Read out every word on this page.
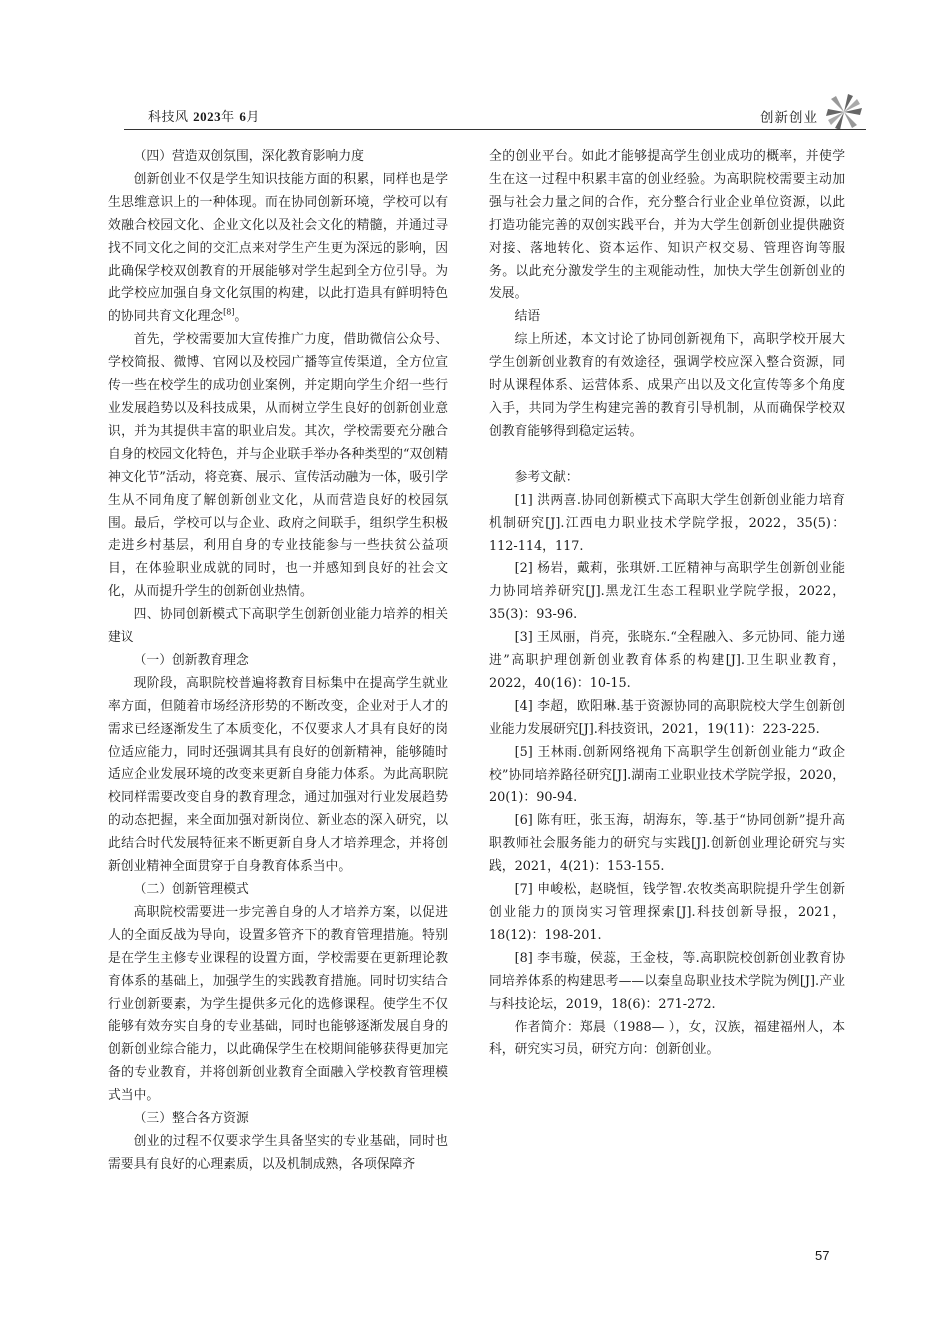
科技风 2023年 6月	创新创业

（四）营造双创氛围，深化教育影响力度

创新创业不仅是学生知识技能方面的积累，同样也是学生思维意识上的一种体现。而在协同创新环境，学校可以有效融合校园文化、企业文化以及社会文化的精髓，并通过寻找不同文化之间的交汇点来对学生产生更为深远的影响，因此确保学校双创教育的开展能够对学生起到全方位引导。为此学校应加强自身文化氛围的构建，以此打造具有鲜明特色的协同共育文化理念[8]。

首先，学校需要加大宣传推广力度，借助微信公众号、学校简报、微博、官网以及校园广播等宣传渠道，全方位宣传一些在校学生的成功创业案例，并定期向学生介绍一些行业发展趋势以及科技成果，从而树立学生良好的创新创业意识，并为其提供丰富的职业启发。其次，学校需要充分融合自身的校园文化特色，并与企业联手举办各种类型的“双创精神文化节”活动，将竞赛、展示、宣传活动融为一体，吸引学生从不同角度了解创新创业文化，从而营造良好的校园氛围。最后，学校可以与企业、政府之间联手，组织学生积极走进乡村基层，利用自身的专业技能参与一些扶贫公益项目，在体验职业成就的同时，也一并感知到良好的社会文化，从而提升学生的创新创业热情。

四、协同创新模式下高职学生创新创业能力培养的相关建议

（一）创新教育理念

现阶段，高职院校普遍将教育目标集中在提高学生就业率方面，但随着市场经济形势的不断改变，企业对于人才的需求已经逐渐发生了本质变化，不仅要求人才具有良好的岗位适应能力，同时还强调其具有良好的创新精神，能够随时适应企业发展环境的改变来更新自身能力体系。为此高职院校同样需要改变自身的教育理念，通过加强对行业发展趋势的动态把握，来全面加强对新岗位、新业态的深入研究，以此结合时代发展特征来不断更新自身人才培养理念，并将创新创业精神全面贯穿于自身教育体系当中。

（二）创新管理模式

高职院校需要进一步完善自身的人才培养方案，以促进人的全面反战为导向，设置多管齐下的教育管理措施。特别是在学生主修专业课程的设置方面，学校需要在更新理论教育体系的基础上，加强学生的实践教育措施。同时切实结合行业创新要素，为学生提供多元化的选修课程。使学生不仅能够有效夯实自身的专业基础，同时也能够逐渐发展自身的创新创业综合能力，以此确保学生在校期间能够获得更加完备的专业教育，并将创新创业教育全面融入学校教育管理模式当中。

（三）整合各方资源

创业的过程不仅要求学生具备坚实的专业基础，同时也需要具有良好的心理素质，以及机制成熟，各项保障齐

全的创业平台。如此才能够提高学生创业成功的概率，并使学生在这一过程中积累丰富的创业经验。为高职院校需要主动加强与社会力量之间的合作，充分整合行业企业单位资源，以此打造功能完善的双创实践平台，并为大学生创新创业提供融资对接、落地转化、资本运作、知识产权交易、管理咨询等服务。以此充分激发学生的主观能动性，加快大学生创新创业的发展。

结语

综上所述，本文讨论了协同创新视角下，高职学校开展大学生创新创业教育的有效途径，强调学校应深入整合资源，同时从课程体系、运营体系、成果产出以及文化宣传等多个角度入手，共同为学生构建完善的教育引导机制，从而确保学校双创教育能够得到稳定运转。

参考文献：

[1] 洪两喜.协同创新模式下高职大学生创新创业能力培育机制研究[J].江西电力职业技术学院学报，2022，35(5)：112-114，117.

[2] 杨岩，戴莉，张琪妍.工匠精神与高职学生创新创业能力协同培养研究[J].黑龙江生态工程职业学院学报，2022，35(3)：93-96.

[3] 王凤丽，肖亮，张晓东.“全程融入、多元协同、能力递进”高职护理创新创业教育体系的构建[J].卫生职业教育，2022，40(16)：10-15.

[4] 李超，欧阳琳.基于资源协同的高职院校大学生创新创业能力发展研究[J].科技资讯，2021，19(11)：223-225.

[5] 王林雨.创新网络视角下高职学生创新创业能力“政企校”协同培养路径研究[J].湖南工业职业技术学院学报，2020，20(1)：90-94.

[6] 陈有旺，张玉海，胡海东，等.基于“协同创新”提升高职教师社会服务能力的研究与实践[J].创新创业理论研究与实践，2021，4(21)：153-155.

[7] 申峻松，赵晓恒，钱学智.农牧类高职院提升学生创新创业能力的顶岗实习管理探索[J].科技创新导报，2021，18(12)：198-201.

[8] 李韦璇，侯蕊，王金枝，等.高职院校创新创业教育协同培养体系的构建思考——以秦皇岛职业技术学院为例[J].产业与科技论坛，2019，18(6)：271-272.

作者简介：郑晨（1988— ），女，汉族，福建福州人，本科，研究实习员，研究方向：创新创业。

57
